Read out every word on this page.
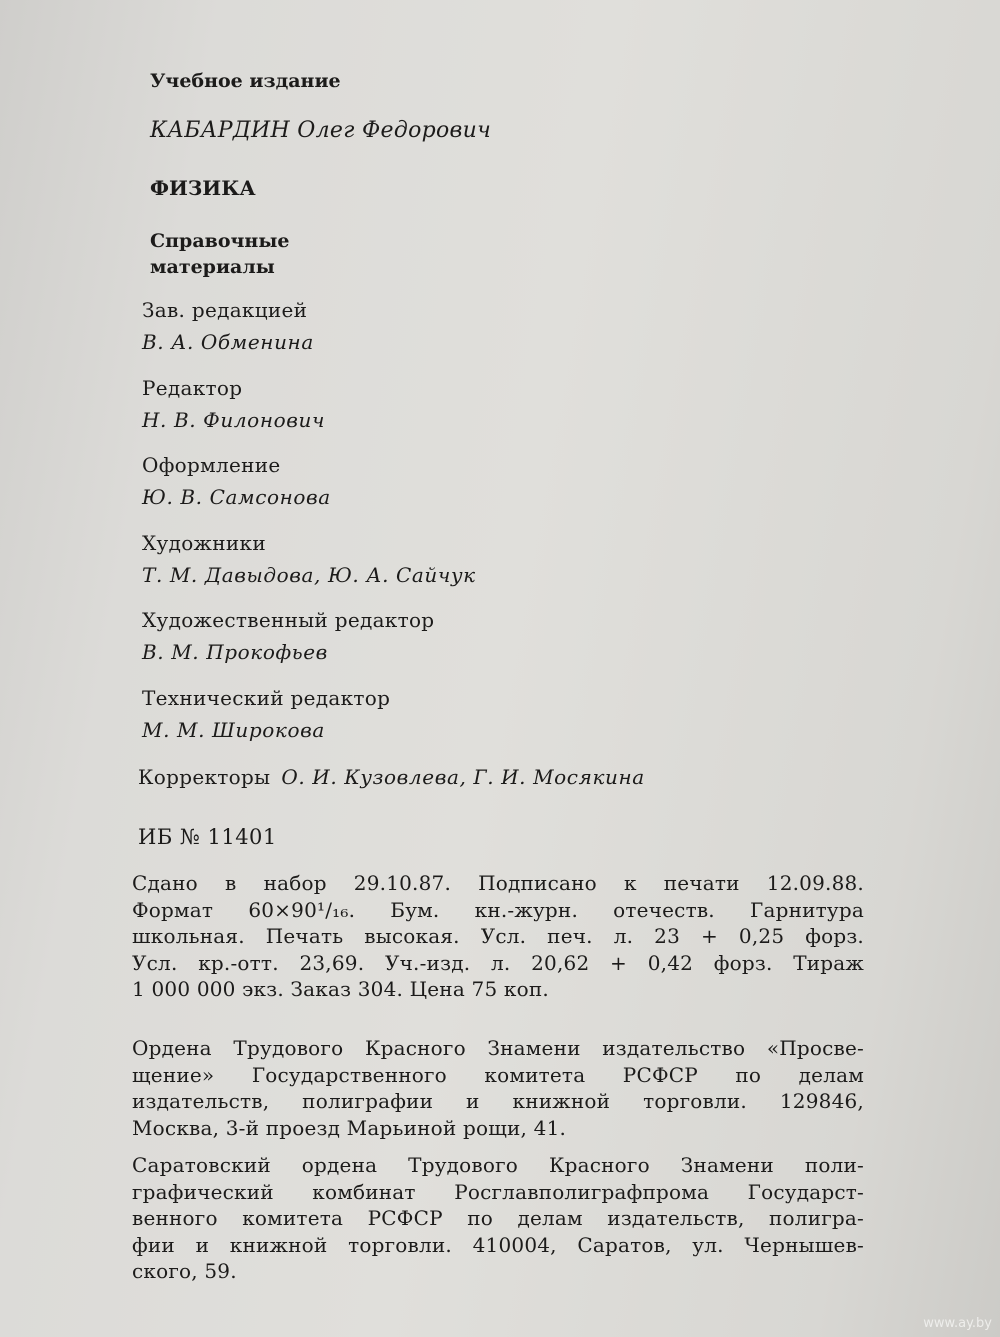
Учебное издание
КАБАРДИН Олег Федорович
ФИЗИКА
Справочные
материалы
Зав. редакцией
В. А. Обменина
Редактор
Н. В. Филонович
Оформление
Ю. В. Самсонова
Художники
Т. М. Давыдова, Ю. А. Сайчук
Художественный редактор
В. М. Прокофьев
Технический редактор
М. М. Широкова
Корректоры О. И. Кузовлева, Г. И. Мосякина
ИБ № 11401
Сдано в набор 29.10.87. Подписано к печати 12.09.88.
Формат 60×90¹/₁₆. Бум. кн.-журн. отечеств. Гарнитура
школьная. Печать высокая. Усл. печ. л. 23 + 0,25 форз.
Усл. кр.-отт. 23,69. Уч.-изд. л. 20,62 + 0,42 форз. Тираж
1 000 000 экз. Заказ 304. Цена 75 коп.
Ордена Трудового Красного Знамени издательство «Просве-
щение» Государственного комитета РСФСР по делам
издательств, полиграфии и книжной торговли. 129846,
Москва, 3-й проезд Марьиной рощи, 41.
Саратовский ордена Трудового Красного Знамени поли-
графический комбинат Росглавполиграфпрома Государст-
венного комитета РСФСР по делам издательств, полигра-
фии и книжной торговли. 410004, Саратов, ул. Чернышев-
ского, 59.
www.ay.by
